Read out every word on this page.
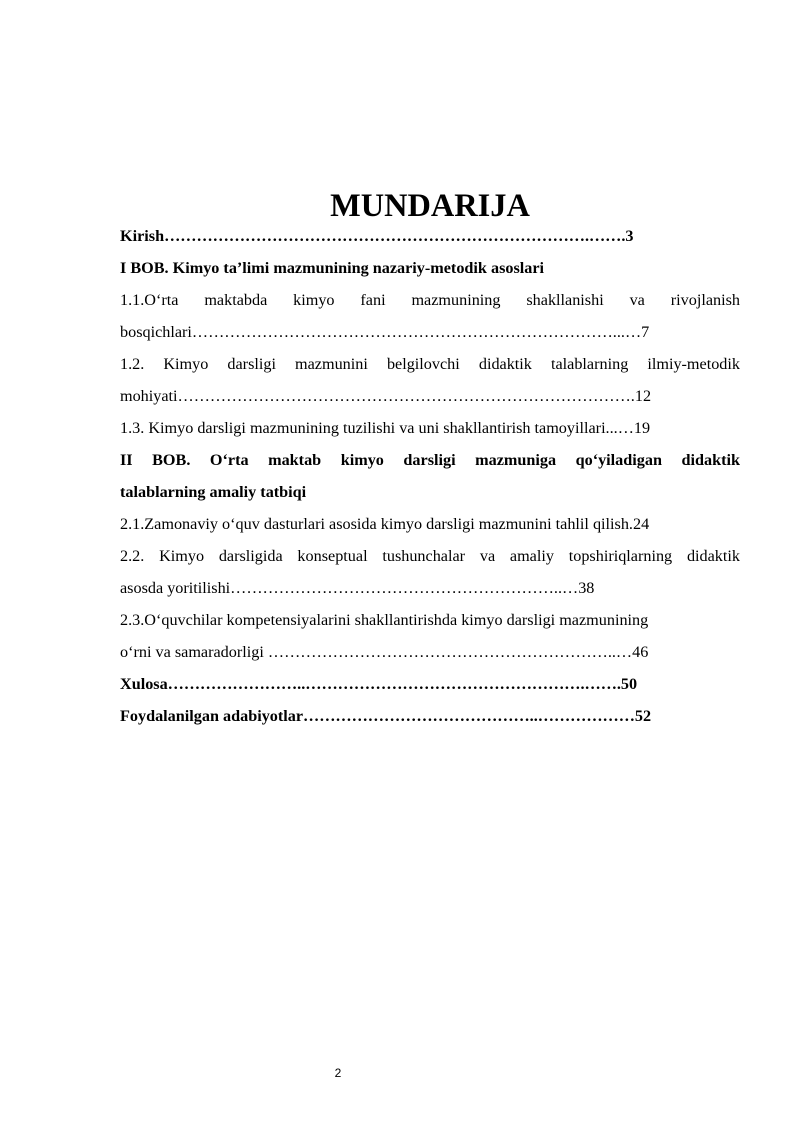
MUNDARIJA
Kirish…………………………………………………………………….…….3
I BOB. Kimyo ta’limi mazmunining nazariy-metodik asoslari
1.1.O‘rta maktabda kimyo fani mazmunining shakllanishi va rivojlanish
bosqichlari……………………………………………………………………...…7
1.2. Kimyo darsligi mazmunini belgilovchi didaktik talablarning ilmiy-metodik
mohiyati………………………………………………………………………….12
1.3. Kimyo darsligi mazmunining tuzilishi va uni shakllantirish tamoyillari...…19
II BOB. O‘rta maktab kimyo darsligi mazmuniga qo‘yiladigan didaktik
talablarning amaliy tatbiqi
2.1.Zamonaviy o‘quv dasturlari asosida kimyo darsligi mazmunini tahlil qilish.24
2.2. Kimyo darsligida konseptual tushunchalar va amaliy topshiriqlarning didaktik
asosda yoritilishi……………………………………………………..…38
2.3.O‘quvchilar kompetensiyalarini shakllantirishda kimyo darsligi mazmunining
o‘rni va samaradorligi ………………………………………………………..…46
Xulosa……………………..…………………………………………….…….50
Foydalanilgan adabiyotlar……………………………………..………………52
2
